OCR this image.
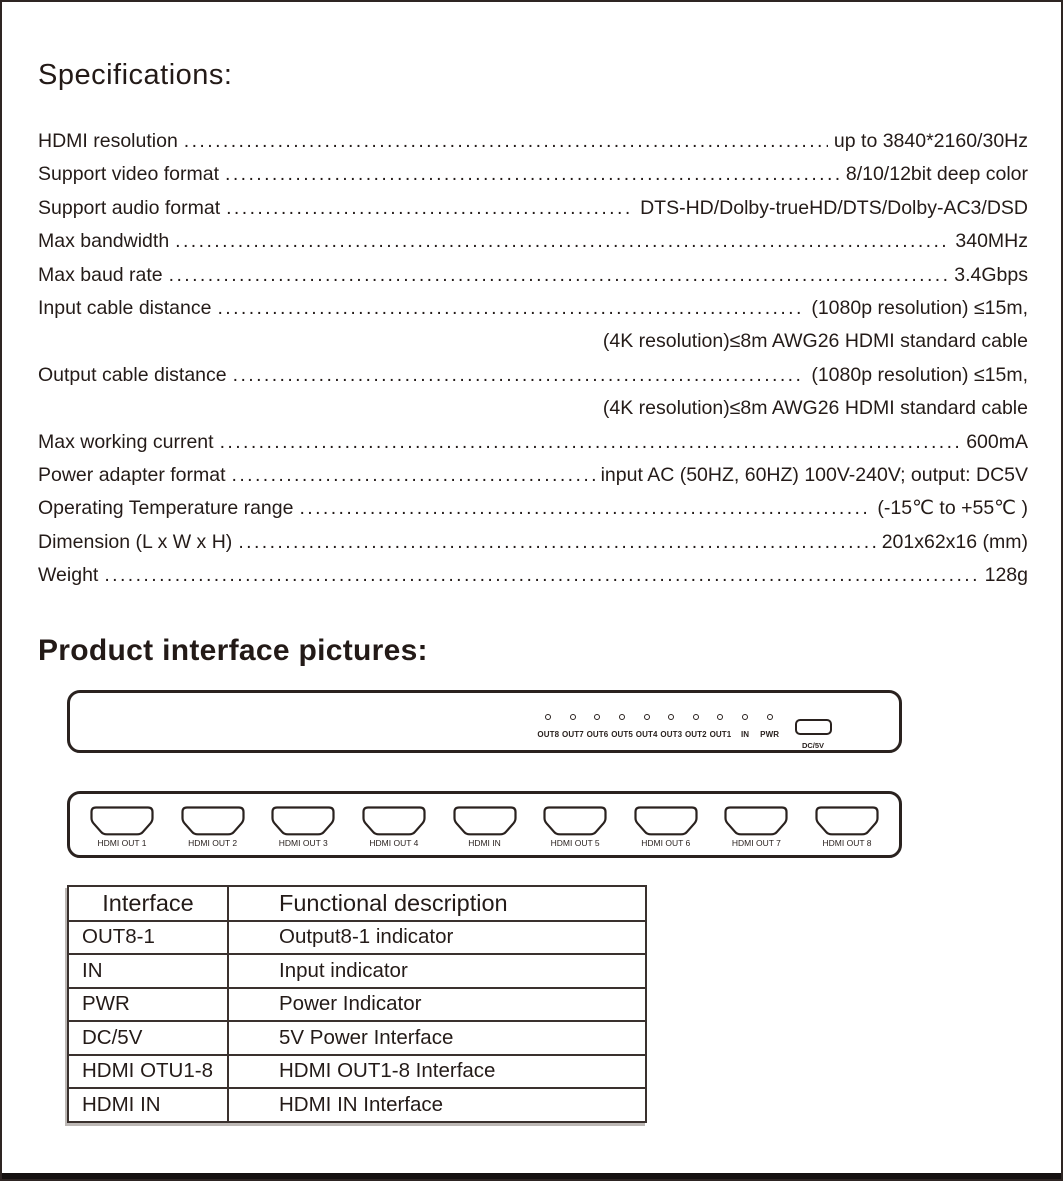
Specifications:
HDMI resolution .....	up to 3840*2160/30Hz
Support video format .....	8/10/12bit deep color
Support audio format .....	DTS-HD/Dolby-trueHD/DTS/Dolby-AC3/DSD
Max bandwidth .....	340MHz
Max baud rate .....	3.4Gbps
Input cable distance .....	(1080p resolution) ≤15m,
(4K resolution)≤8m AWG26 HDMI standard cable
Output cable distance .....	(1080p resolution) ≤15m,
(4K resolution)≤8m AWG26 HDMI standard cable
Max working current .....	600mA
Power adapter format .....	input AC (50HZ, 60HZ) 100V-240V; output: DC5V
Operating Temperature range .....	(-15℃ to +55℃ )
Dimension (L x W x H) .....	201x62x16 (mm)
Weight .....	128g
Product interface pictures:
OUT8 OUT7 OUT6 OUT5 OUT4 OUT3 OUT2 OUT1	IN	PWR
DC/5V
HDMI OUT 1	HDMI OUT 2	HDMI OUT 3	HDMI OUT 4	HDMI IN	HDMI OUT 5	HDMI OUT 6	HDMI OUT 7	HDMI OUT 8
Interface	Functional description
OUT8-1	Output8-1 indicator
IN	Input indicator
PWR	Power Indicator
DC/5V	5V Power Interface
HDMI OTU1-8	HDMI OUT1-8 Interface
HDMI IN	HDMI IN Interface
